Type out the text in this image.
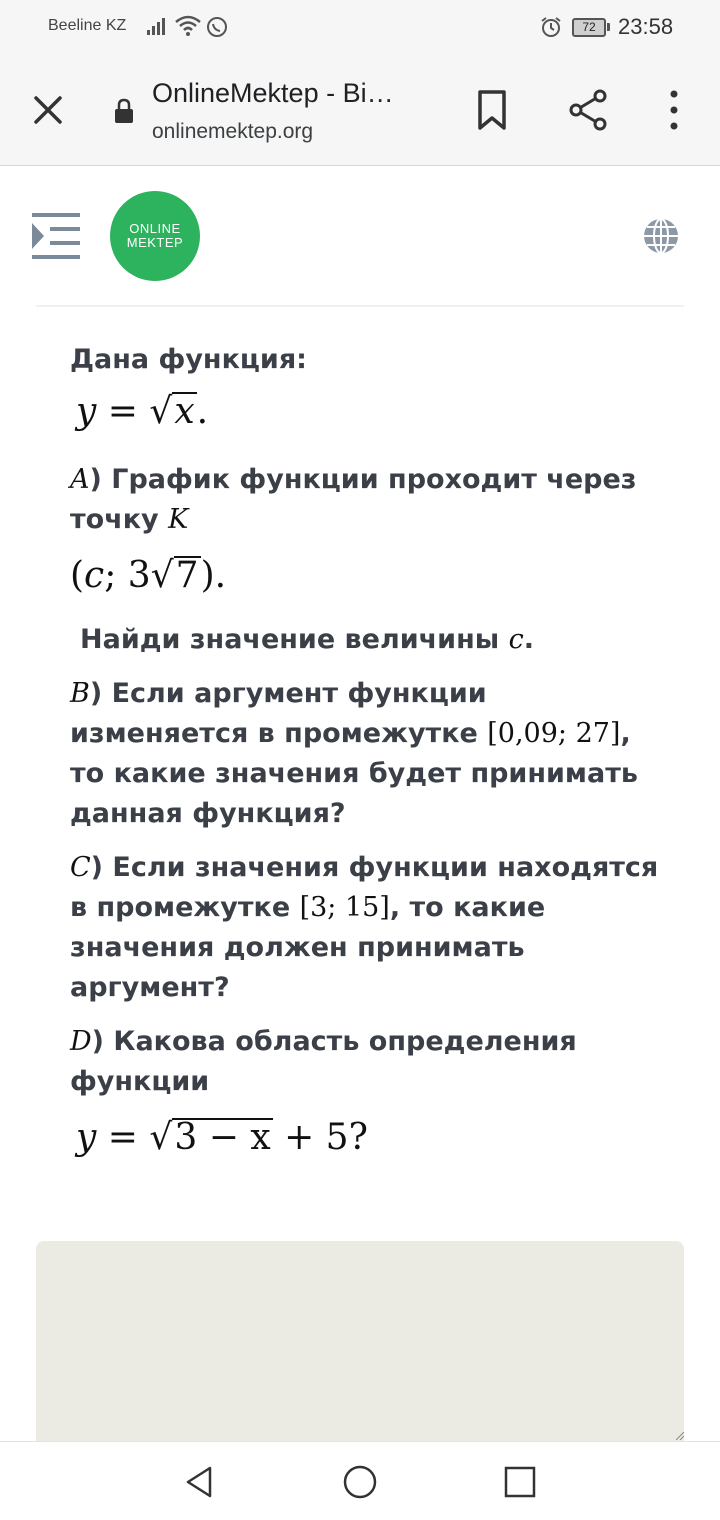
Beeline KZ	72	23:58
OnlineMektep - Bi…
onlinemektep.org
ONLINE
MEKTEP

Дана функция:

y = √x.

A) График функции проходит через точку K

(c; 3√7).

Найди значение величины c.

B) Если аргумент функции изменяется в промежутке [0,09; 27], то какие значения будет принимать данная функция?

C) Если значения функции находятся в промежутке [3; 15], то какие значения должен принимать аргумент?

D) Какова область определения функции

y = √3 − x + 5?
